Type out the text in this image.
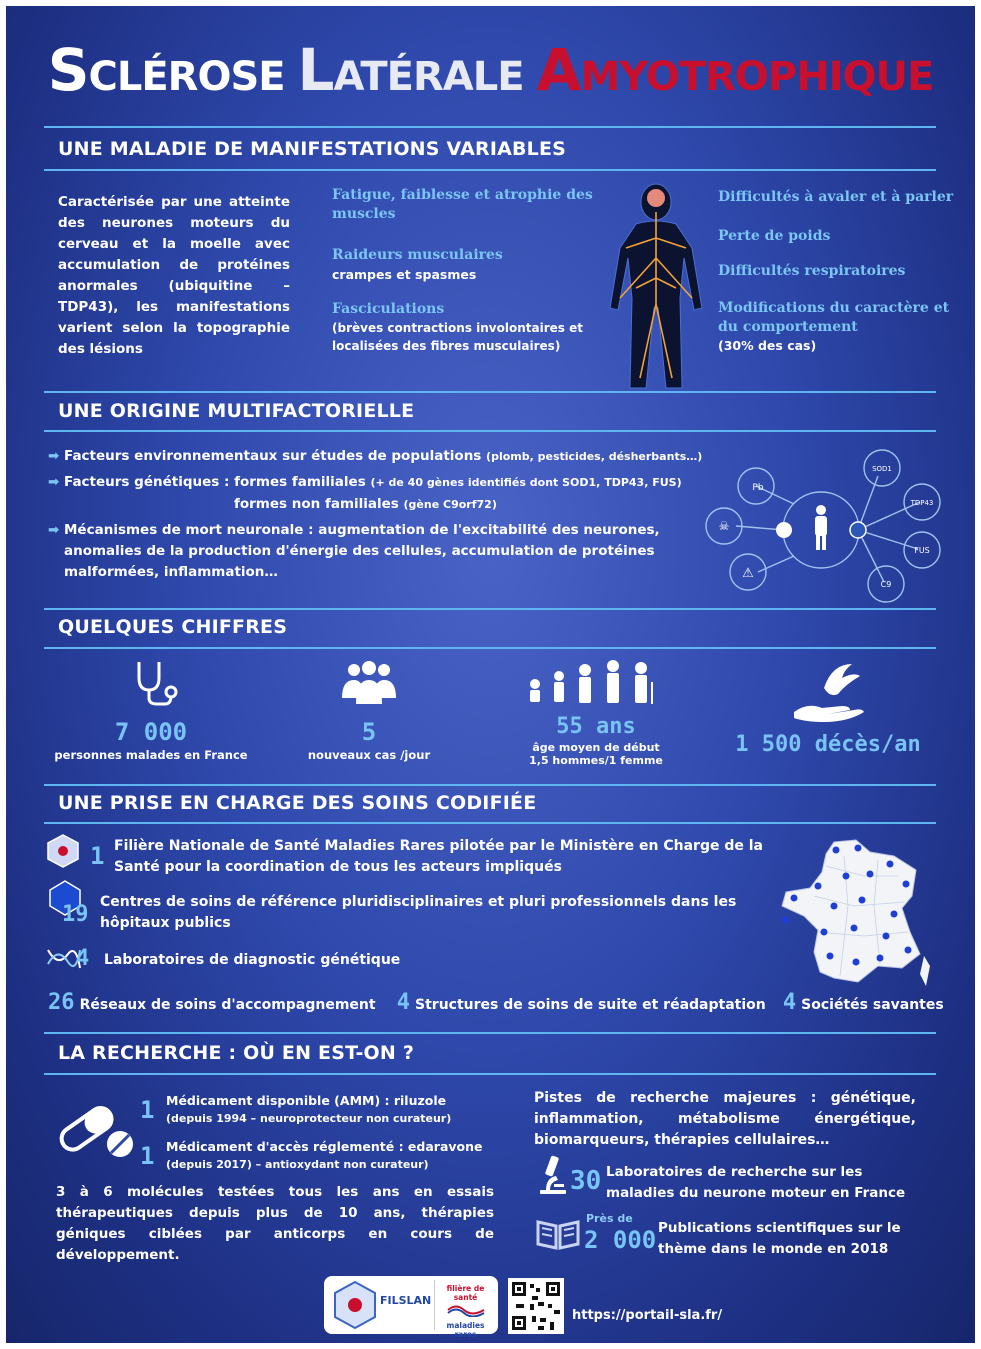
SCLÉROSE LATÉRALE AMYOTROPHIQUE
UNE MALADIE DE MANIFESTATIONS VARIABLES
Caractérisée par une atteinte des neurones moteurs du cerveau et la moelle avec accumulation de protéines anormales (ubiquitine – TDP43), les manifestations varient selon la topographie des lésions
Fatigue, faiblesse et atrophie des muscles
Raideurs musculaires
crampes et spasmes
Fasciculations
(brèves contractions involontaires et localisées des fibres musculaires)
Difficultés à avaler et à parler
Perte de poids
Difficultés respiratoires
Modifications du caractère et du comportement
(30% des cas)
UNE ORIGINE MULTIFACTORIELLE
➡ Facteurs environnementaux sur études de populations (plomb, pesticides, désherbants…)
➡ Facteurs génétiques : formes familiales (+ de 40 gènes identifiés dont SOD1, TDP43, FUS)
formes non familiales (gène C9orf72)
➡ Mécanismes de mort neuronale : augmentation de l'excitabilité des neurones, anomalies de la production d'énergie des cellules, accumulation de protéines malformées, inflammation…
Pb
SOD1
TDP43
FUS
C9
☠
⚠
QUELQUES CHIFFRES
7 000
personnes malades en France
5
nouveaux cas /jour
55 ans
âge moyen de début
1,5 hommes/1 femme
1 500 décès/an
UNE PRISE EN CHARGE DES SOINS CODIFIÉE
1 Filière Nationale de Santé Maladies Rares pilotée par le Ministère en Charge de la Santé pour la coordination de tous les acteurs impliqués
19 Centres de soins de référence pluridisciplinaires et pluri professionnels dans les hôpitaux publics
4 Laboratoires de diagnostic génétique
26 Réseaux de soins d'accompagnement 4 Structures de soins de suite et réadaptation 4 Sociétés savantes
LA RECHERCHE : OÙ EN EST-ON ?
1 Médicament disponible (AMM) : riluzole
(depuis 1994 – neuroprotecteur non curateur)
1 Médicament d'accès réglementé : edaravone
(depuis 2017) – antioxydant non curateur)
3 à 6 molécules testées tous les ans en essais thérapeutiques depuis plus de 10 ans, thérapies géniques ciblées par anticorps en cours de développement.
Pistes de recherche majeures : génétique, inflammation, métabolisme énergétique, biomarqueurs, thérapies cellulaires…
30 Laboratoires de recherche sur les maladies du neurone moteur en France
Près de
2 000 Publications scientifiques sur le thème dans le monde en 2018
FILSLAN
filière de santé
maladies rares
https://portail-sla.fr/
